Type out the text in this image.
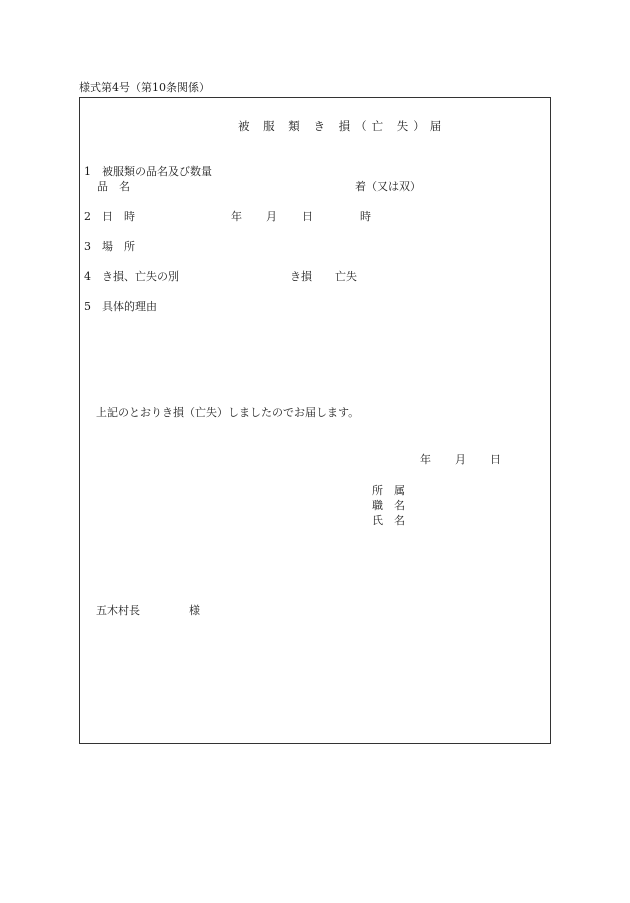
様式第4号（第10条関係）
被 服 類 き 損（亡 失）届
1 被服類の品名及び数量
品　名	着（又は双）
2 日　時	年 月 日	時
3 場　所
4 き損、亡失の別	き損 亡失
5 具体的理由
上記のとおりき損（亡失）しましたのでお届します。
年 月 日
所　属
職　名
氏　名
五木村長	様
